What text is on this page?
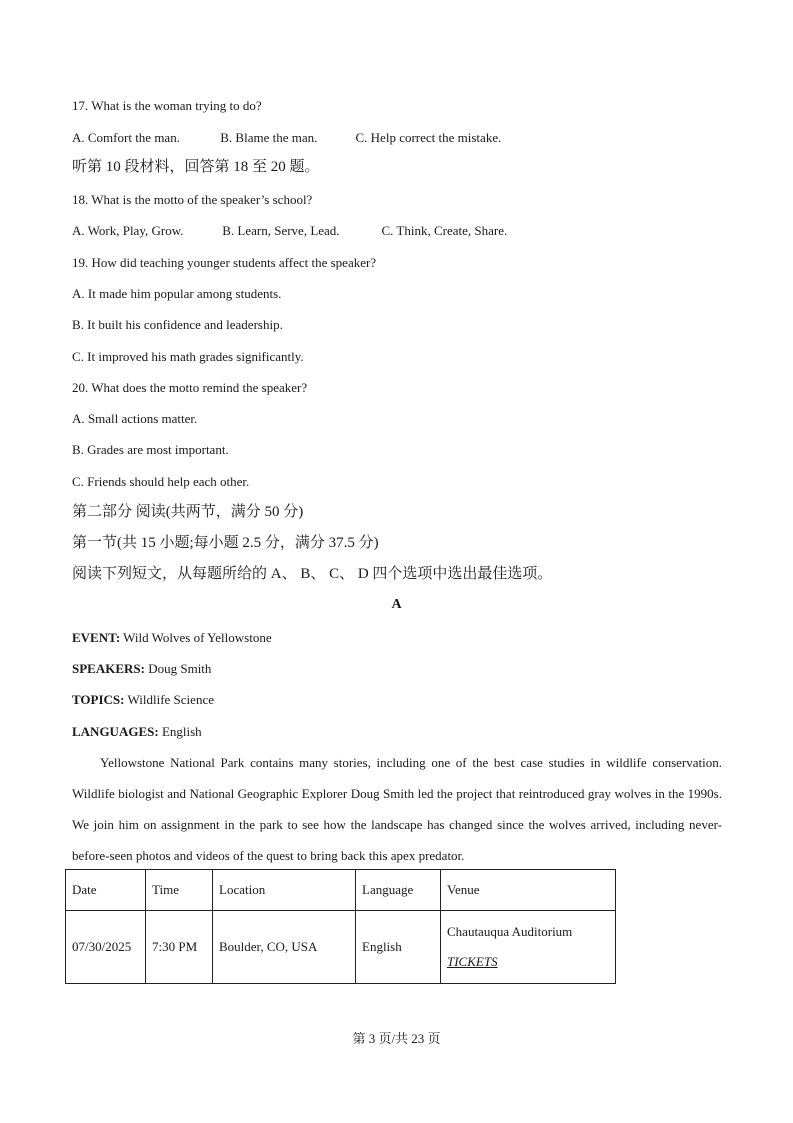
17. What is the woman trying to do?
A. Comfort the man.	B. Blame the man.	C. Help correct the mistake.
听第 10 段材料，回答第 18 至 20 题。
18. What is the motto of the speaker’s school?
A. Work, Play, Grow.	B. Learn, Serve, Lead.	C. Think, Create, Share.
19. How did teaching younger students affect the speaker?
A. It made him popular among students.
B. It built his confidence and leadership.
C. It improved his math grades significantly.
20. What does the motto remind the speaker?
A. Small actions matter.
B. Grades are most important.
C. Friends should help each other.
第二部分 阅读(共两节，满分 50 分)
第一节(共 15 小题;每小题 2.5 分，满分 37.5 分)
阅读下列短文，从每题所给的 A、 B、 C、 D 四个选项中选出最佳选项。
A
EVENT: Wild Wolves of Yellowstone
SPEAKERS: Doug Smith
TOPICS: Wildlife Science
LANGUAGES: English
Yellowstone National Park contains many stories, including one of the best case studies in wildlife conservation. Wildlife biologist and National Geographic Explorer Doug Smith led the project that reintroduced gray wolves in the 1990s. We join him on assignment in the park to see how the landscape has changed since the wolves arrived, including never-before-seen photos and videos of the quest to bring back this apex predator.
Date	Time	Location	Language	Venue
07/30/2025	7:30 PM	Boulder, CO, USA	English	Chautauqua Auditorium
TICKETS
第 3 页/共 23 页
